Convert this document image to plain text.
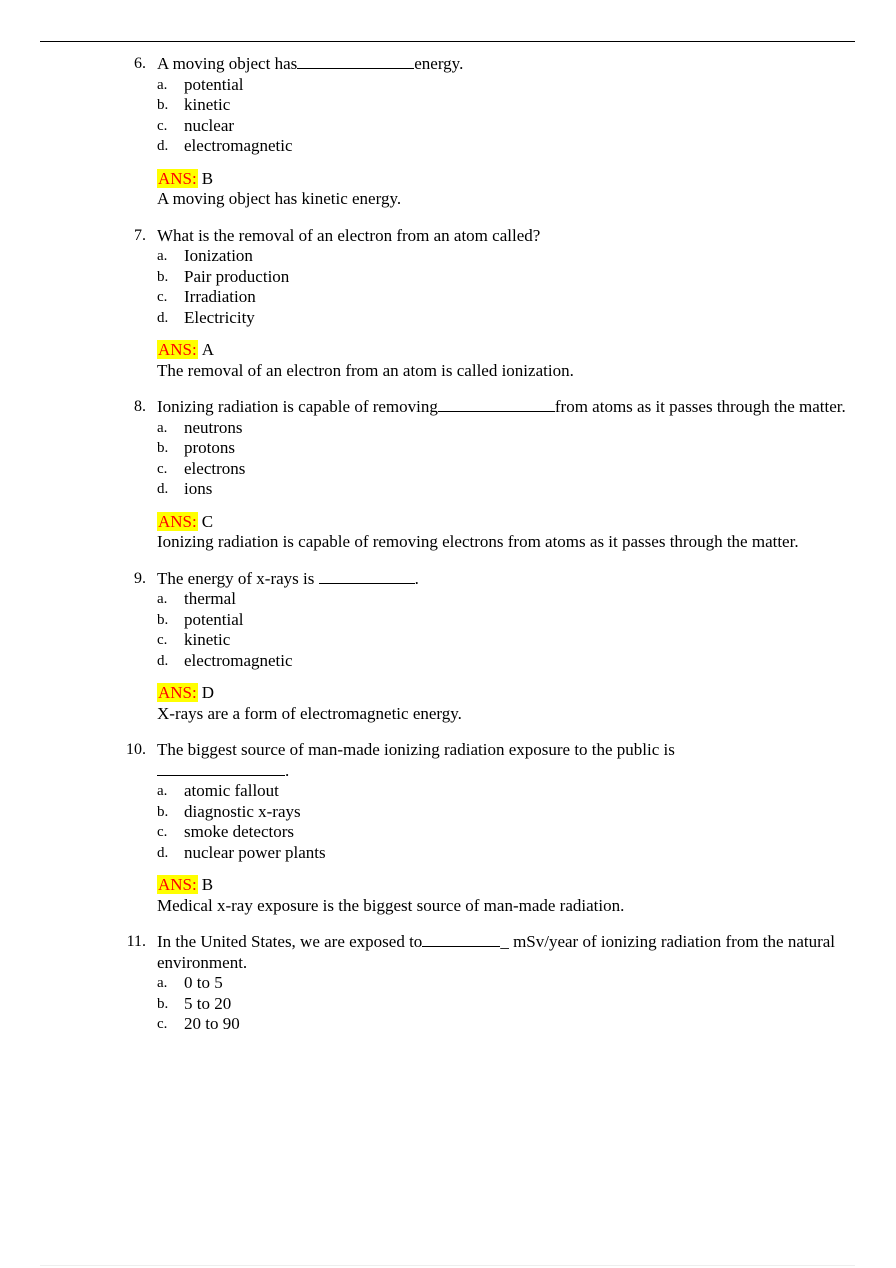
6. A moving object has	energy.
a. potential
b. kinetic
c. nuclear
d. electromagnetic
ANS: B
A moving object has kinetic energy.
7. What is the removal of an electron from an atom called?
a. Ionization
b. Pair production
c. Irradiation
d. Electricity
ANS: A
The removal of an electron from an atom is called ionization.
8. Ionizing radiation is capable of removing	from atoms as it passes through the matter.
a. neutrons
b. protons
c. electrons
d. ions
ANS: C
Ionizing radiation is capable of removing electrons from atoms as it passes through the matter.
9. The energy of x-rays is	.
a. thermal
b. potential
c. kinetic
d. electromagnetic
ANS: D
X-rays are a form of electromagnetic energy.
10. The biggest source of man-made ionizing radiation exposure to the public is
.
a. atomic fallout
b. diagnostic x-rays
c. smoke detectors
d. nuclear power plants
ANS: B
Medical x-ray exposure is the biggest source of man-made radiation.
11. In the United States, we are exposed to	_ mSv/year of ionizing radiation from the natural environment.
a. 0 to 5
b. 5 to 20
c. 20 to 90
